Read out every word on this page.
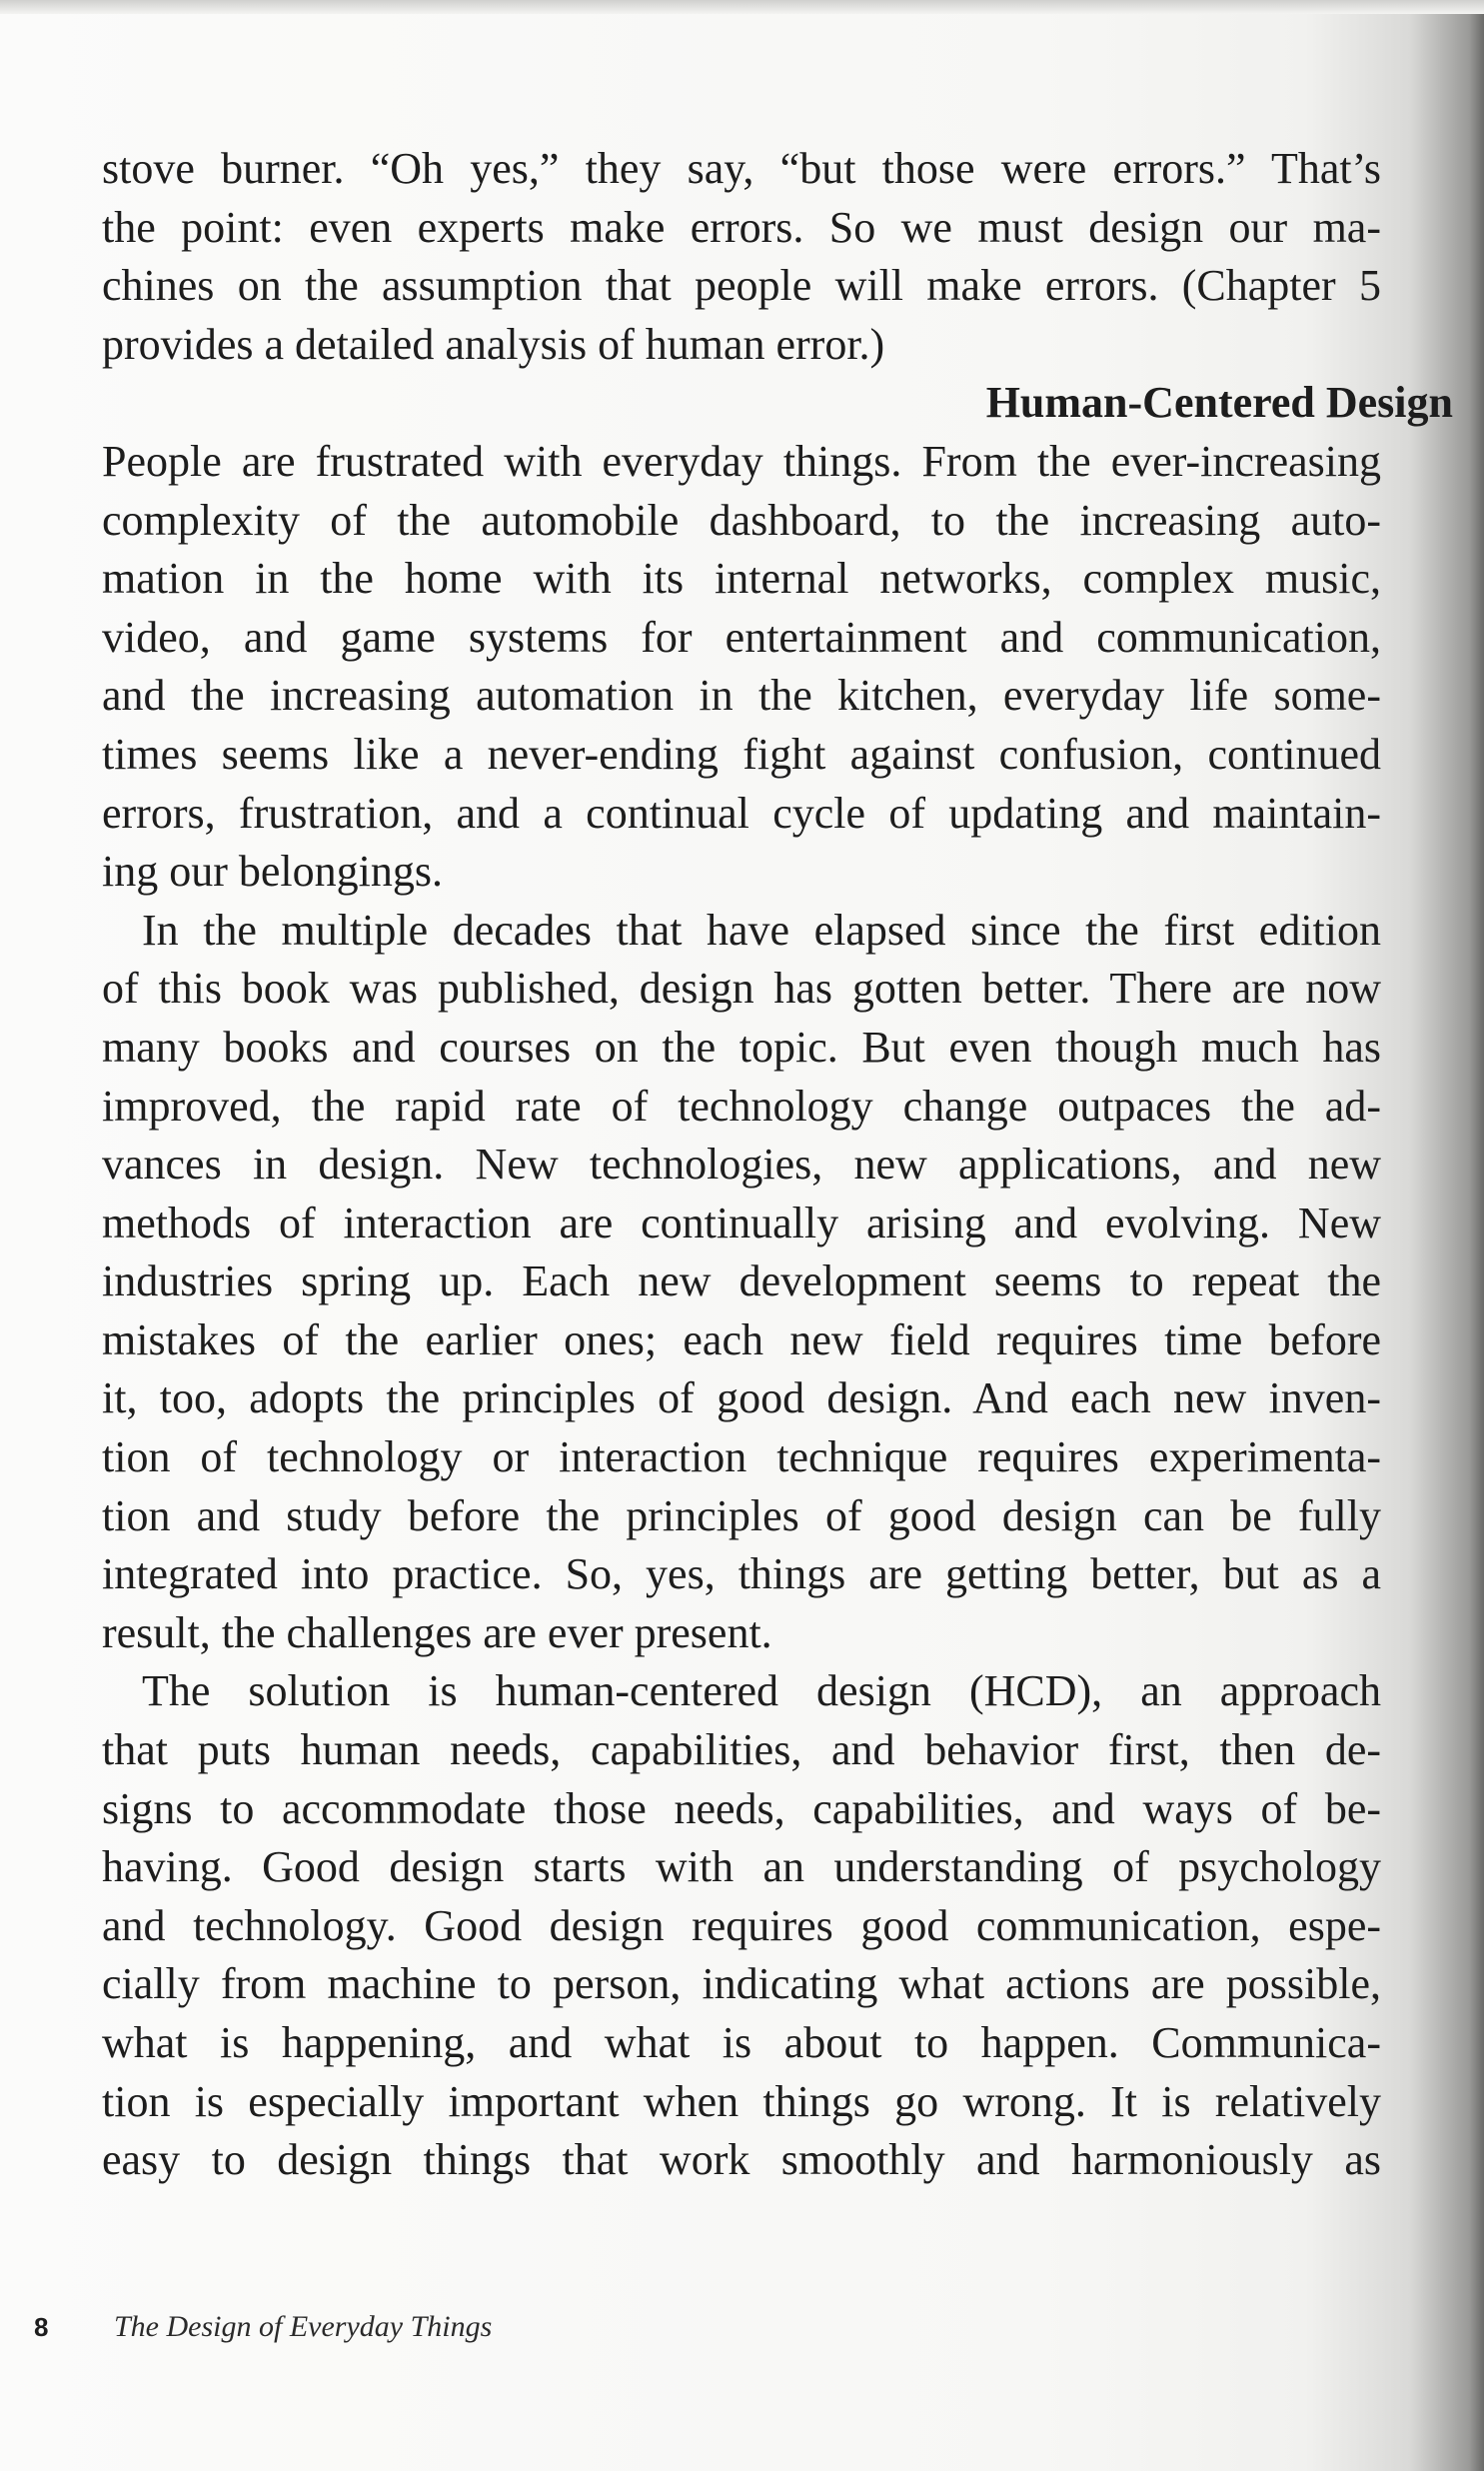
stove burner. “Oh yes,” they say, “but those were errors.” That’s
the point: even experts make errors. So we must design our ma-
chines on the assumption that people will make errors. (Chapter 5
provides a detailed analysis of human error.)
Human-Centered Design
People are frustrated with everyday things. From the ever-increasing
complexity of the automobile dashboard, to the increasing auto-
mation in the home with its internal networks, complex music,
video, and game systems for entertainment and communication,
and the increasing automation in the kitchen, everyday life some-
times seems like a never-ending fight against confusion, continued
errors, frustration, and a continual cycle of updating and maintain-
ing our belongings.
In the multiple decades that have elapsed since the first edition
of this book was published, design has gotten better. There are now
many books and courses on the topic. But even though much has
improved, the rapid rate of technology change outpaces the ad-
vances in design. New technologies, new applications, and new
methods of interaction are continually arising and evolving. New
industries spring up. Each new development seems to repeat the
mistakes of the earlier ones; each new field requires time before
it, too, adopts the principles of good design. And each new inven-
tion of technology or interaction technique requires experimenta-
tion and study before the principles of good design can be fully
integrated into practice. So, yes, things are getting better, but as a
result, the challenges are ever present.
The solution is human-centered design (HCD), an approach
that puts human needs, capabilities, and behavior first, then de-
signs to accommodate those needs, capabilities, and ways of be-
having. Good design starts with an understanding of psychology
and technology. Good design requires good communication, espe-
cially from machine to person, indicating what actions are possible,
what is happening, and what is about to happen. Communica-
tion is especially important when things go wrong. It is relatively
easy to design things that work smoothly and harmoniously as
8 The Design of Everyday Things
